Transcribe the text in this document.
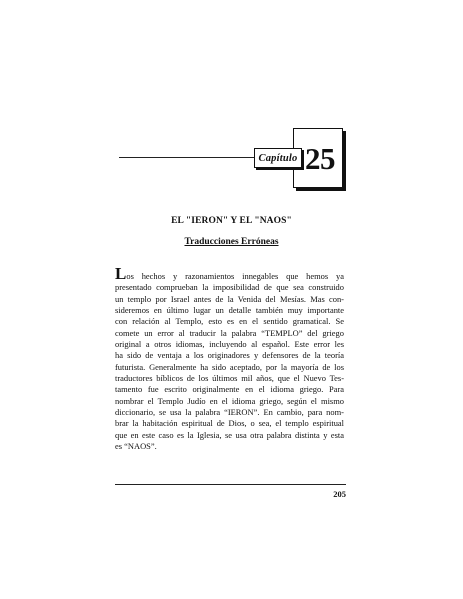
Capítulo 25
EL "IERON" Y EL "NAOS"
Traducciones Erróneas
Los hechos y razonamientos innegables que hemos ya
presentado comprueban la imposibilidad de que sea construido
un templo por Israel antes de la Venida del Mesías. Mas con-
sideremos en último lugar un detalle también muy importante
con relación al Templo, esto es en el sentido gramatical. Se
comete un error al traducir la palabra “TEMPLO” del griego
original a otros idiomas, incluyendo al español. Este error les
ha sido de ventaja a los originadores y defensores de la teoría
futurista. Generalmente ha sido aceptado, por la mayoría de los
traductores bíblicos de los últimos mil años, que el Nuevo Tes-
tamento fue escrito originalmente en el idioma griego. Para
nombrar el Templo Judío en el idioma griego, según el mismo
diccionario, se usa la palabra “IERON”. En cambio, para nom-
brar la habitación espiritual de Dios, o sea, el templo espiritual
que en este caso es la Iglesia, se usa otra palabra distinta y esta
es “NAOS”.
205
